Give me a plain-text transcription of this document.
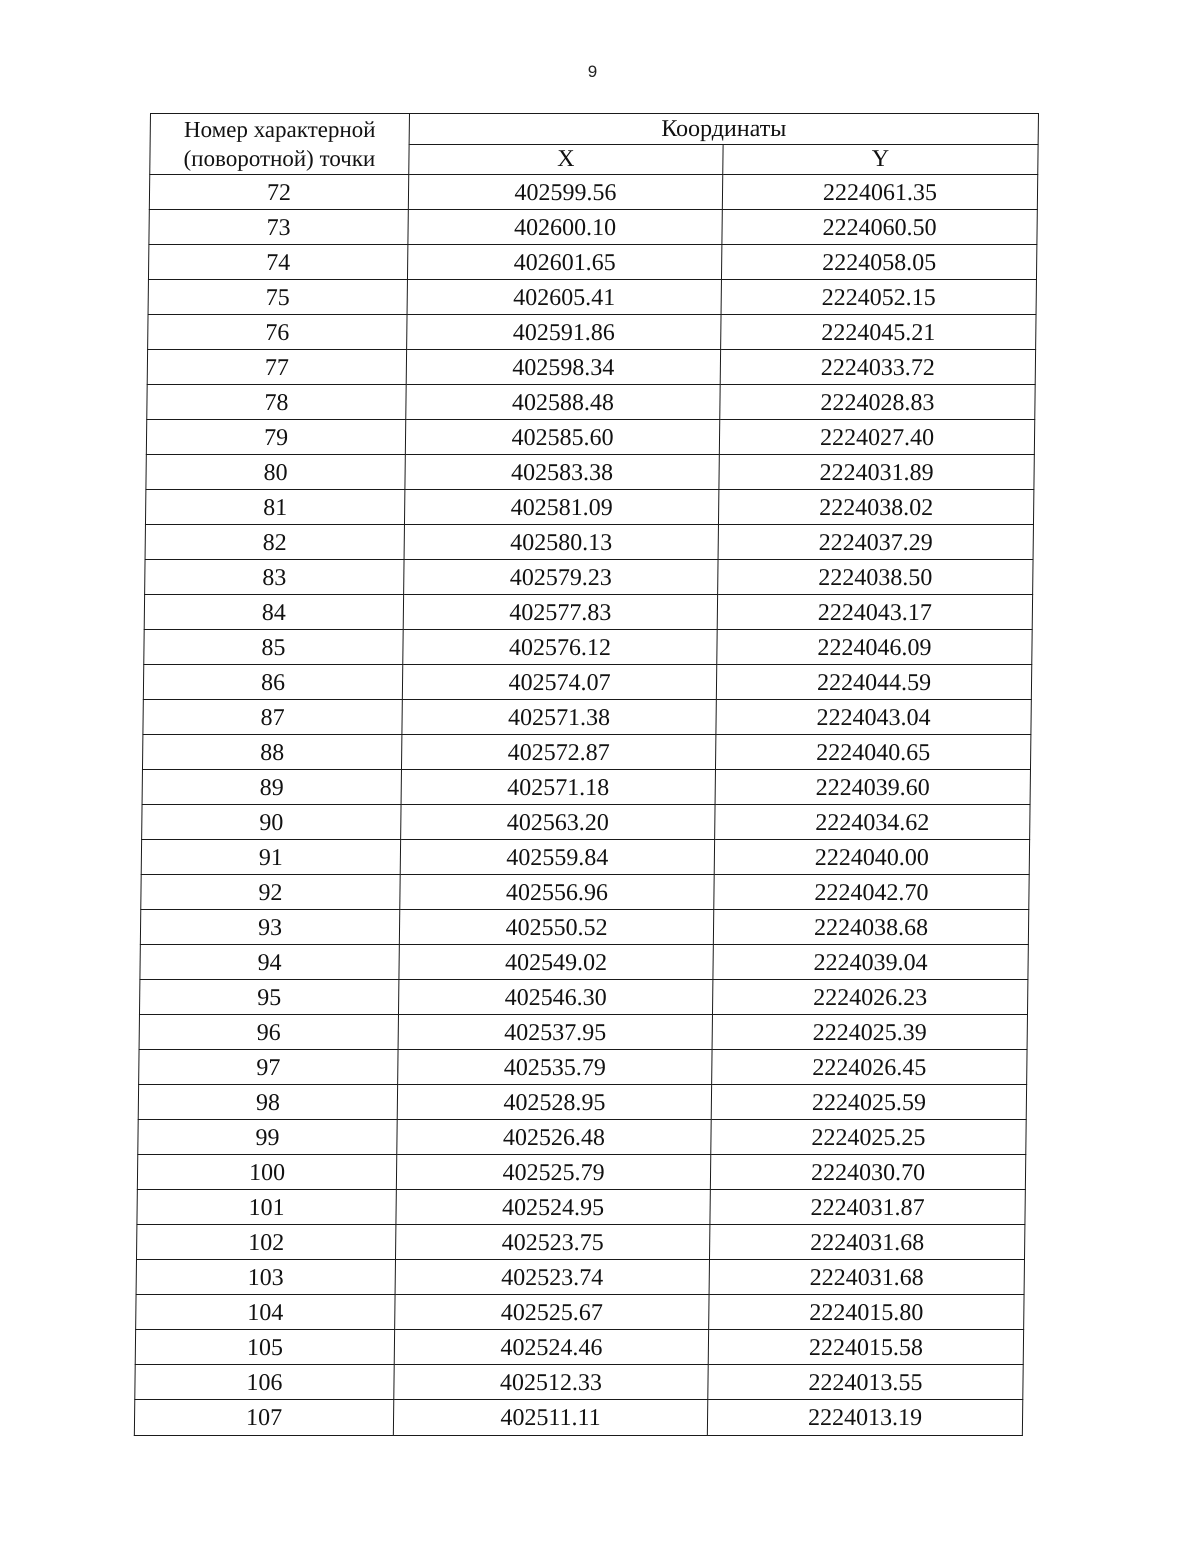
9
Номер характерной (поворотной) точки	Координаты	
	X	Y
72	402599.56	2224061.35
73	402600.10	2224060.50
74	402601.65	2224058.05
75	402605.41	2224052.15
76	402591.86	2224045.21
77	402598.34	2224033.72
78	402588.48	2224028.83
79	402585.60	2224027.40
80	402583.38	2224031.89
81	402581.09	2224038.02
82	402580.13	2224037.29
83	402579.23	2224038.50
84	402577.83	2224043.17
85	402576.12	2224046.09
86	402574.07	2224044.59
87	402571.38	2224043.04
88	402572.87	2224040.65
89	402571.18	2224039.60
90	402563.20	2224034.62
91	402559.84	2224040.00
92	402556.96	2224042.70
93	402550.52	2224038.68
94	402549.02	2224039.04
95	402546.30	2224026.23
96	402537.95	2224025.39
97	402535.79	2224026.45
98	402528.95	2224025.59
99	402526.48	2224025.25
100	402525.79	2224030.70
101	402524.95	2224031.87
102	402523.75	2224031.68
103	402523.74	2224031.68
104	402525.67	2224015.80
105	402524.46	2224015.58
106	402512.33	2224013.55
107	402511.11	2224013.19
